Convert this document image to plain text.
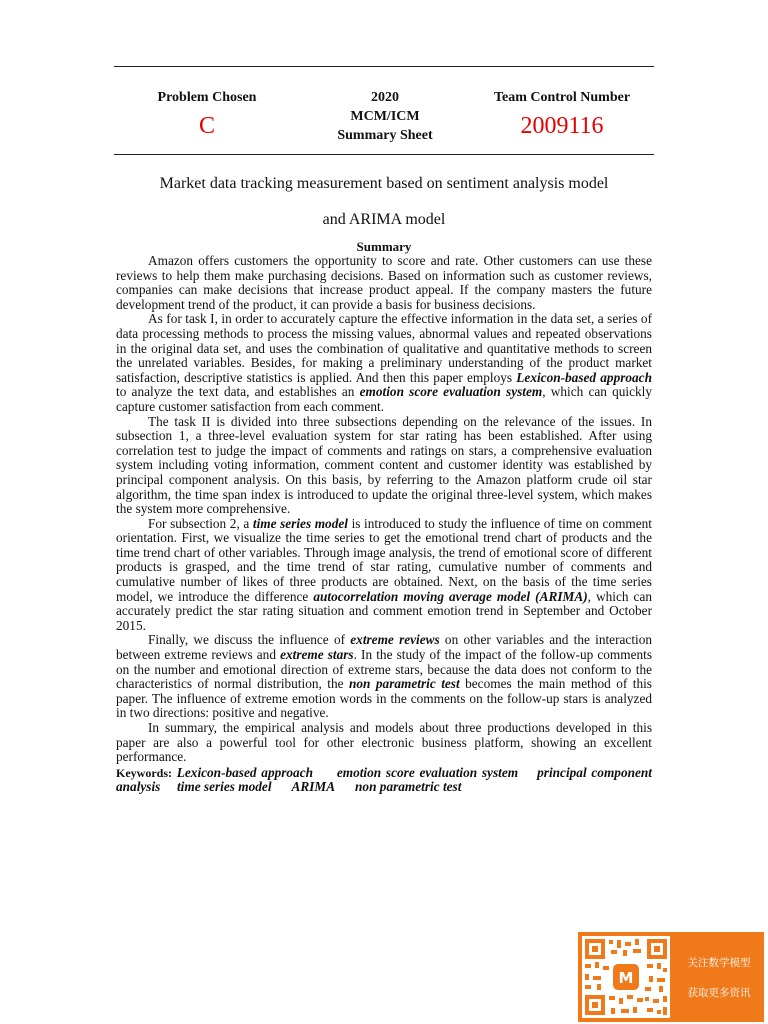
Problem Chosen
C
2020
MCM/ICM
Summary Sheet
Team Control Number
2009116
Market data tracking measurement based on sentiment analysis model
and ARIMA model
Summary

Amazon offers customers the opportunity to score and rate. Other customers can use these reviews to help them make purchasing decisions. Based on information such as customer reviews, companies can make decisions that increase product appeal. If the company masters the future development trend of the product, it can provide a basis for business decisions.

As for task I, in order to accurately capture the effective information in the data set, a series of data processing methods to process the missing values, abnormal values and repeated observations in the original data set, and uses the combination of qualitative and quantitative methods to screen the unrelated variables. Besides, for making a preliminary understanding of the product market satisfaction, descriptive statistics is applied. And then this paper employs Lexicon-based approach to analyze the text data, and establishes an emotion score evaluation system, which can quickly capture customer satisfaction from each comment.

The task II is divided into three subsections depending on the relevance of the issues. In subsection 1, a three-level evaluation system for star rating has been established. After using correlation test to judge the impact of comments and ratings on stars, a comprehensive evaluation system including voting information, comment content and customer identity was established by principal component analysis. On this basis, by referring to the Amazon platform crude oil star algorithm, the time span index is introduced to update the original three-level system, which makes the system more comprehensive.

For subsection 2, a time series model is introduced to study the influence of time on comment orientation. First, we visualize the time series to get the emotional trend chart of products and the time trend chart of other variables. Through image analysis, the trend of emotional score of different products is grasped, and the time trend of star rating, cumulative number of comments and cumulative number of likes of three products are obtained. Next, on the basis of the time series model, we introduce the difference autocorrelation moving average model (ARIMA), which can accurately predict the star rating situation and comment emotion trend in September and October 2015.

Finally, we discuss the influence of extreme reviews on other variables and the interaction between extreme reviews and extreme stars. In the study of the impact of the follow-up comments on the number and emotional direction of extreme stars, because the data does not conform to the characteristics of normal distribution, the non parametric test becomes the main method of this paper. The influence of extreme emotion words in the comments on the follow-up stars is analyzed in two directions: positive and negative.

In summary, the empirical analysis and models about three productions developed in this paper are also a powerful tool for other electronic business platform, showing an excellent performance.

Keywords: Lexicon-based approach emotion score evaluation system principal component analysis time series model ARIMA non parametric test
M
关注数学模型
获取更多资讯
